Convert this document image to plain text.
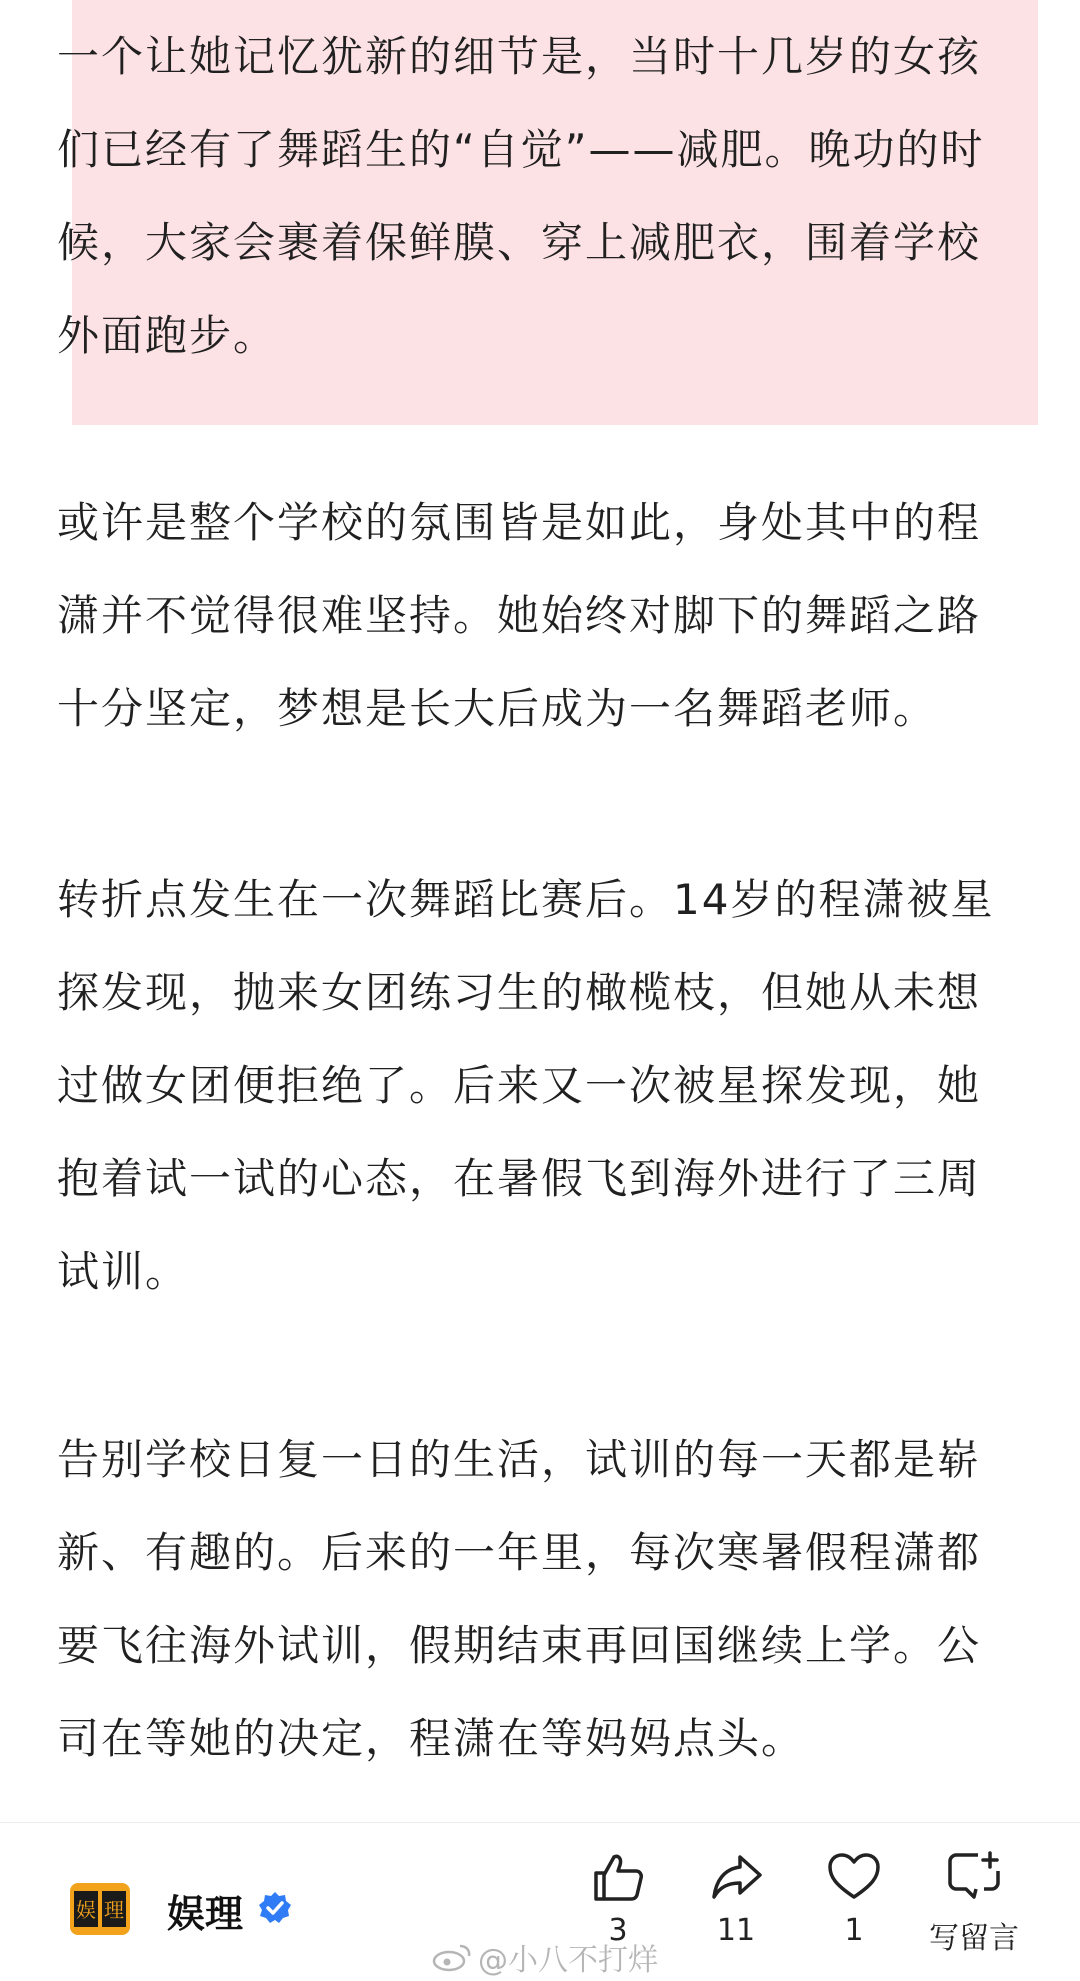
一个让她记忆犹新的细节是，当时十几岁的女孩们已经有了舞蹈生的“自觉”——减肥。晚功的时候，大家会裹着保鲜膜、穿上减肥衣，围着学校外面跑步。

或许是整个学校的氛围皆是如此，身处其中的程潇并不觉得很难坚持。她始终对脚下的舞蹈之路十分坚定，梦想是长大后成为一名舞蹈老师。

转折点发生在一次舞蹈比赛后。14岁的程潇被星探发现，抛来女团练习生的橄榄枝，但她从未想过做女团便拒绝了。后来又一次被星探发现，她抱着试一试的心态，在暑假飞到海外进行了三周试训。

告别学校日复一日的生活，试训的每一天都是崭新、有趣的。后来的一年里，每次寒暑假程潇都要飞往海外试训，假期结束再回国继续上学。公司在等她的决定，程潇在等妈妈点头。

娱 理 娱理	3	11	1	写留言
@小八不打烊
